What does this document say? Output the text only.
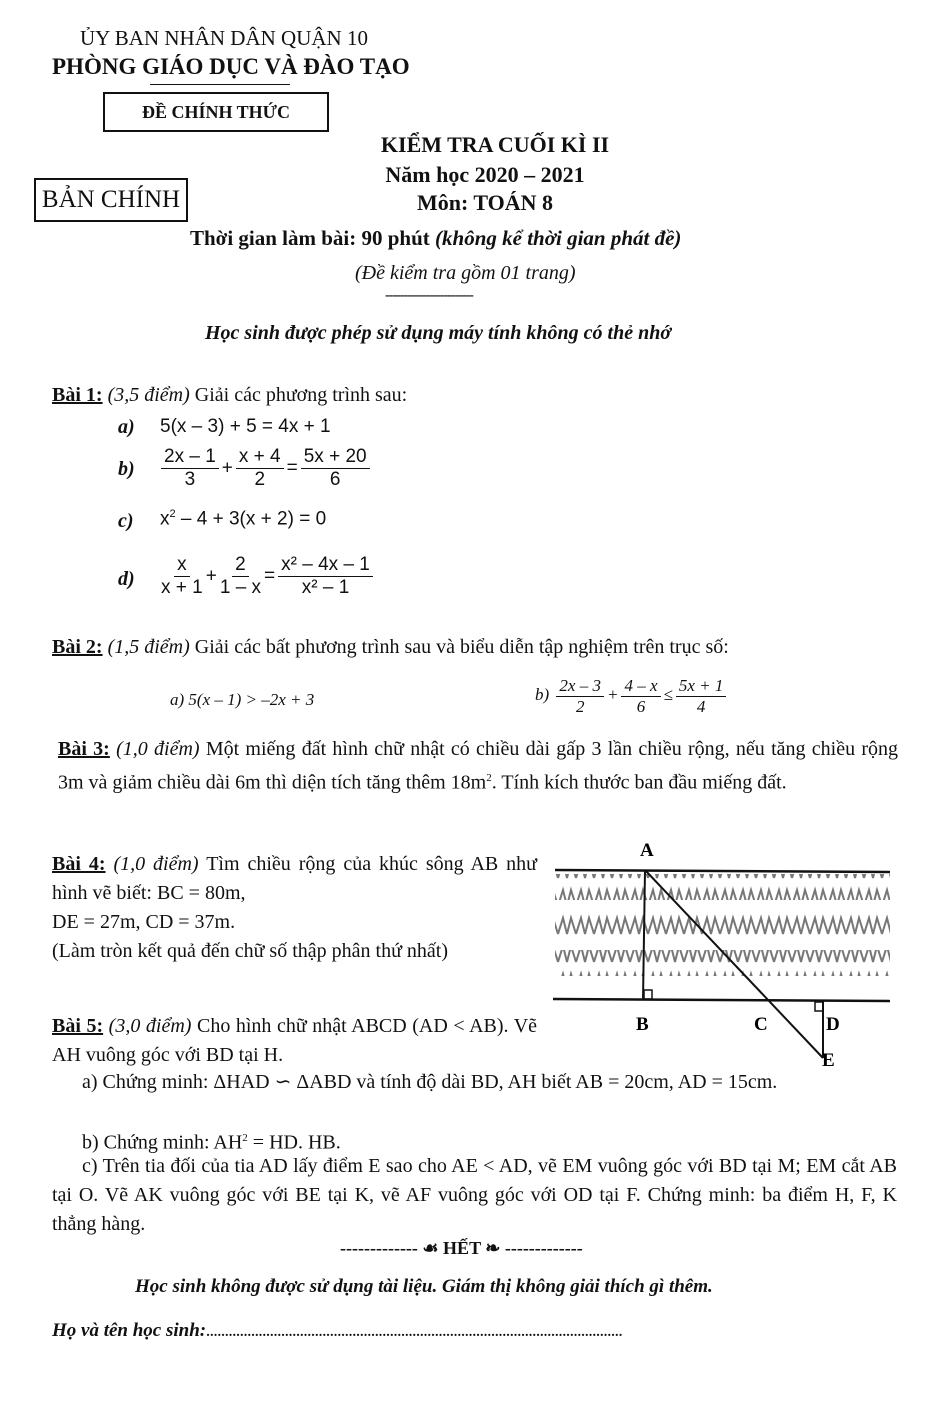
ỦY BAN NHÂN DÂN QUẬN 10
PHÒNG GIÁO DỤC VÀ ĐÀO TẠO
ĐỀ CHÍNH THỨC
BẢN CHÍNH
KIỂM TRA CUỐI KÌ II
Năm học 2020 – 2021
Môn: TOÁN 8
Thời gian làm bài: 90 phút (không kể thời gian phát đề)
(Đề kiểm tra gồm 01 trang)
------------------------
Học sinh được phép sử dụng máy tính không có thẻ nhớ
Bài 1: (3,5 điểm) Giải các phương trình sau:
a) 5(x – 3) + 5 = 4x + 1
$b) \frac{2x - 1}{3} + \frac{x + 4}{2} = \frac{5x + 20}{6}$
c) $x^2 - 4 + 3(x + 2) = 0$
$d) \frac{x}{x + 1} + \frac{2}{1 - x} = \frac{\text{x² – 4x – 1}}{\text{x² – 1}}$
Bài 2: (1,5 điểm) Giải các bất phương trình sau và biểu diễn tập nghiệm trên trục số:
a) 5(x – 1) > –2x + 3	$b) \frac{2x - 3}{2} + \frac{4 - x}{6} \le \frac{5x + 1}{4}$

Bài 3: (1,0 điểm) Một miếng đất hình chữ nhật có chiều dài gấp 3 lần chiều rộng, nếu tăng chiều rộng 3m và giảm chiều dài 6m thì diện tích tăng thêm $18m^2$. Tính kích thước ban đầu miếng đất.

Bài 4: (1,0 điểm) Tìm chiều rộng của khúc sông AB như hình vẽ biết: BC = 80m,
DE = 27m, CD = 37m.
(Làm tròn kết quả đến chữ số thập phân thứ nhất)

A
B	C	D
E

Bài 5: (3,0 điểm) Cho hình chữ nhật ABCD (AD < AB). Vẽ AH vuông góc với BD tại H.

a) Chứng minh: ΔHAD ∽ ΔABD và tính độ dài BD, AH biết AB = 20cm, AD = 15cm.

b) Chứng minh: $AH^2$ = HD. HB.

c) Trên tia đối của tia AD lấy điểm E sao cho AE < AD, vẽ EM vuông góc với BD tại M; EM cắt AB tại O. Vẽ AK vuông góc với BE tại K, vẽ AF vuông góc với OD tại F. Chứng minh: ba điểm H, F, K thẳng hàng.

------------- ☙ HẾT ❧ -------------
Học sinh không được sử dụng tài liệu. Giám thị không giải thích gì thêm.
Họ và tên học sinh:...............................................................................................................
